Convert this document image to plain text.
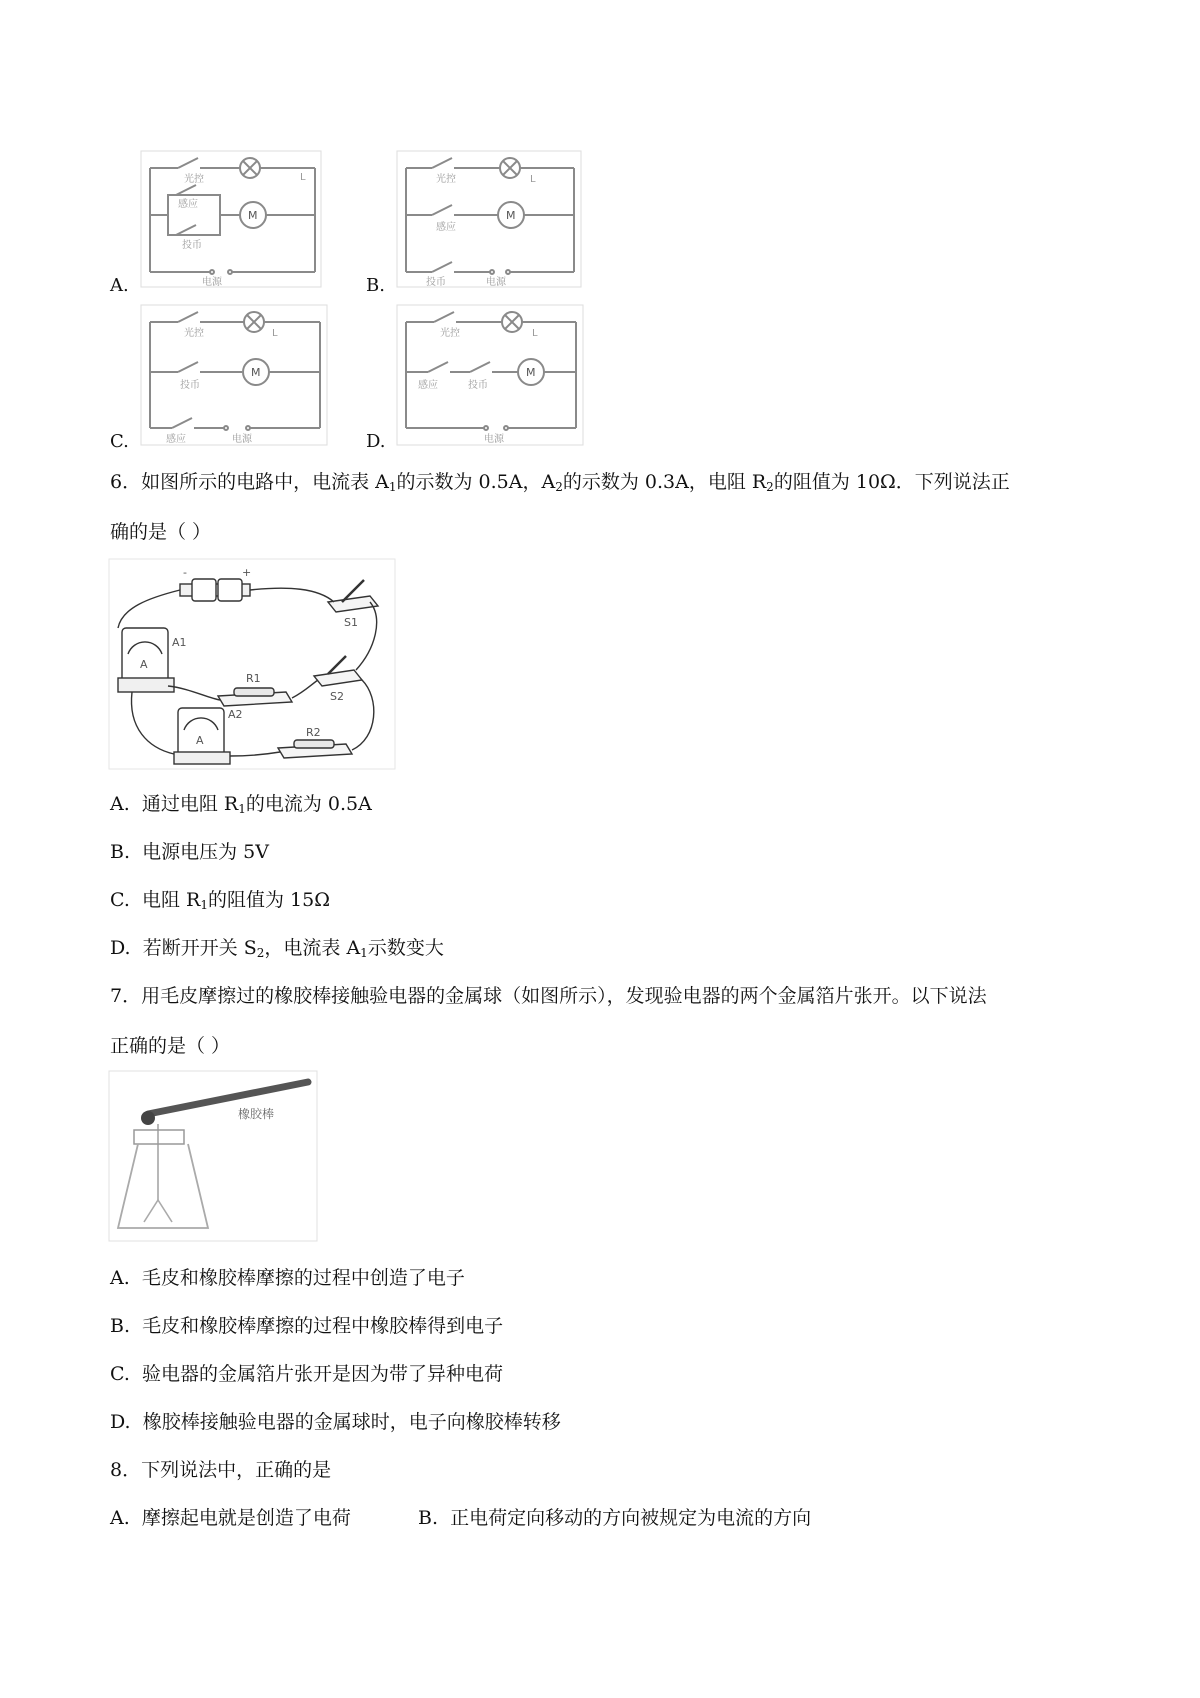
A.
光控	L
M
感应
投币
电源	B.
光控	L
M
感应
投币	电源
C.
光控	L
M
投币
感应	电源	D.
光控	L
M
感应	投币
电源
6．如图所示的电路中，电流表 $A_1$的示数为 0.5A，$A_2$的示数为 0.3A，电阻 $R_2$的阻值为 10Ω．下列说法正
确的是（ ）
-	+
S1
S2
A1
A2
R1
R2
A
A
A. 通过电阻 $R_1$的电流为 0.5A
B. 电源电压为 5V
C. 电阻 $R_1$的阻值为 15Ω
D. 若断开开关 $S_2$，电流表 $A_1$示数变大
7．用毛皮摩擦过的橡胶棒接触验电器的金属球（如图所示），发现验电器的两个金属箔片张开。以下说法
正确的是（ ）
橡胶棒
A. 毛皮和橡胶棒摩擦的过程中创造了电子
B. 毛皮和橡胶棒摩擦的过程中橡胶棒得到电子
C. 验电器的金属箔片张开是因为带了异种电荷
D. 橡胶棒接触验电器的金属球时，电子向橡胶棒转移
8．下列说法中，正确的是
A. 摩擦起电就是创造了电荷	B. 正电荷定向移动的方向被规定为电流的方向
